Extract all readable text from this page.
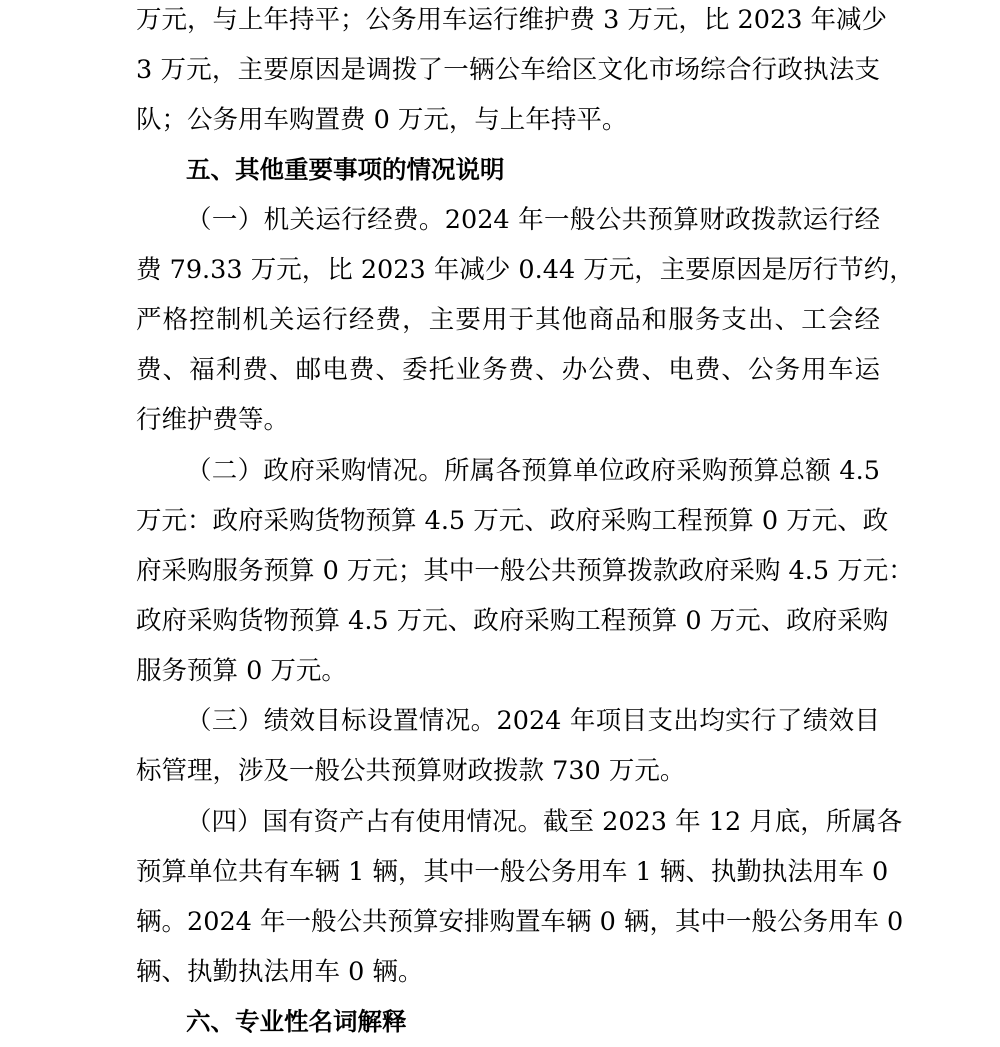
万元，与上年持平；公务用车运行维护费 3 万元，比 2023 年减少
3 万元，主要原因是调拨了一辆公车给区文化市场综合行政执法支
队；公务用车购置费 0 万元，与上年持平。
五、其他重要事项的情况说明
（一）机关运行经费。2024 年一般公共预算财政拨款运行经
费 79.33 万元，比 2023 年减少 0.44 万元，主要原因是厉行节约，
严格控制机关运行经费，主要用于其他商品和服务支出、工会经
费、福利费、邮电费、委托业务费、办公费、电费、公务用车运
行维护费等。
（二）政府采购情况。所属各预算单位政府采购预算总额 4.5
万元：政府采购货物预算 4.5 万元、政府采购工程预算 0 万元、政
府采购服务预算 0 万元；其中一般公共预算拨款政府采购 4.5 万元：
政府采购货物预算 4.5 万元、政府采购工程预算 0 万元、政府采购
服务预算 0 万元。
（三）绩效目标设置情况。2024 年项目支出均实行了绩效目
标管理，涉及一般公共预算财政拨款 730 万元。
（四）国有资产占有使用情况。截至 2023 年 12 月底，所属各
预算单位共有车辆 1 辆，其中一般公务用车 1 辆、执勤执法用车 0
辆。2024 年一般公共预算安排购置车辆 0 辆，其中一般公务用车 0
辆、执勤执法用车 0 辆。
六、专业性名词解释
